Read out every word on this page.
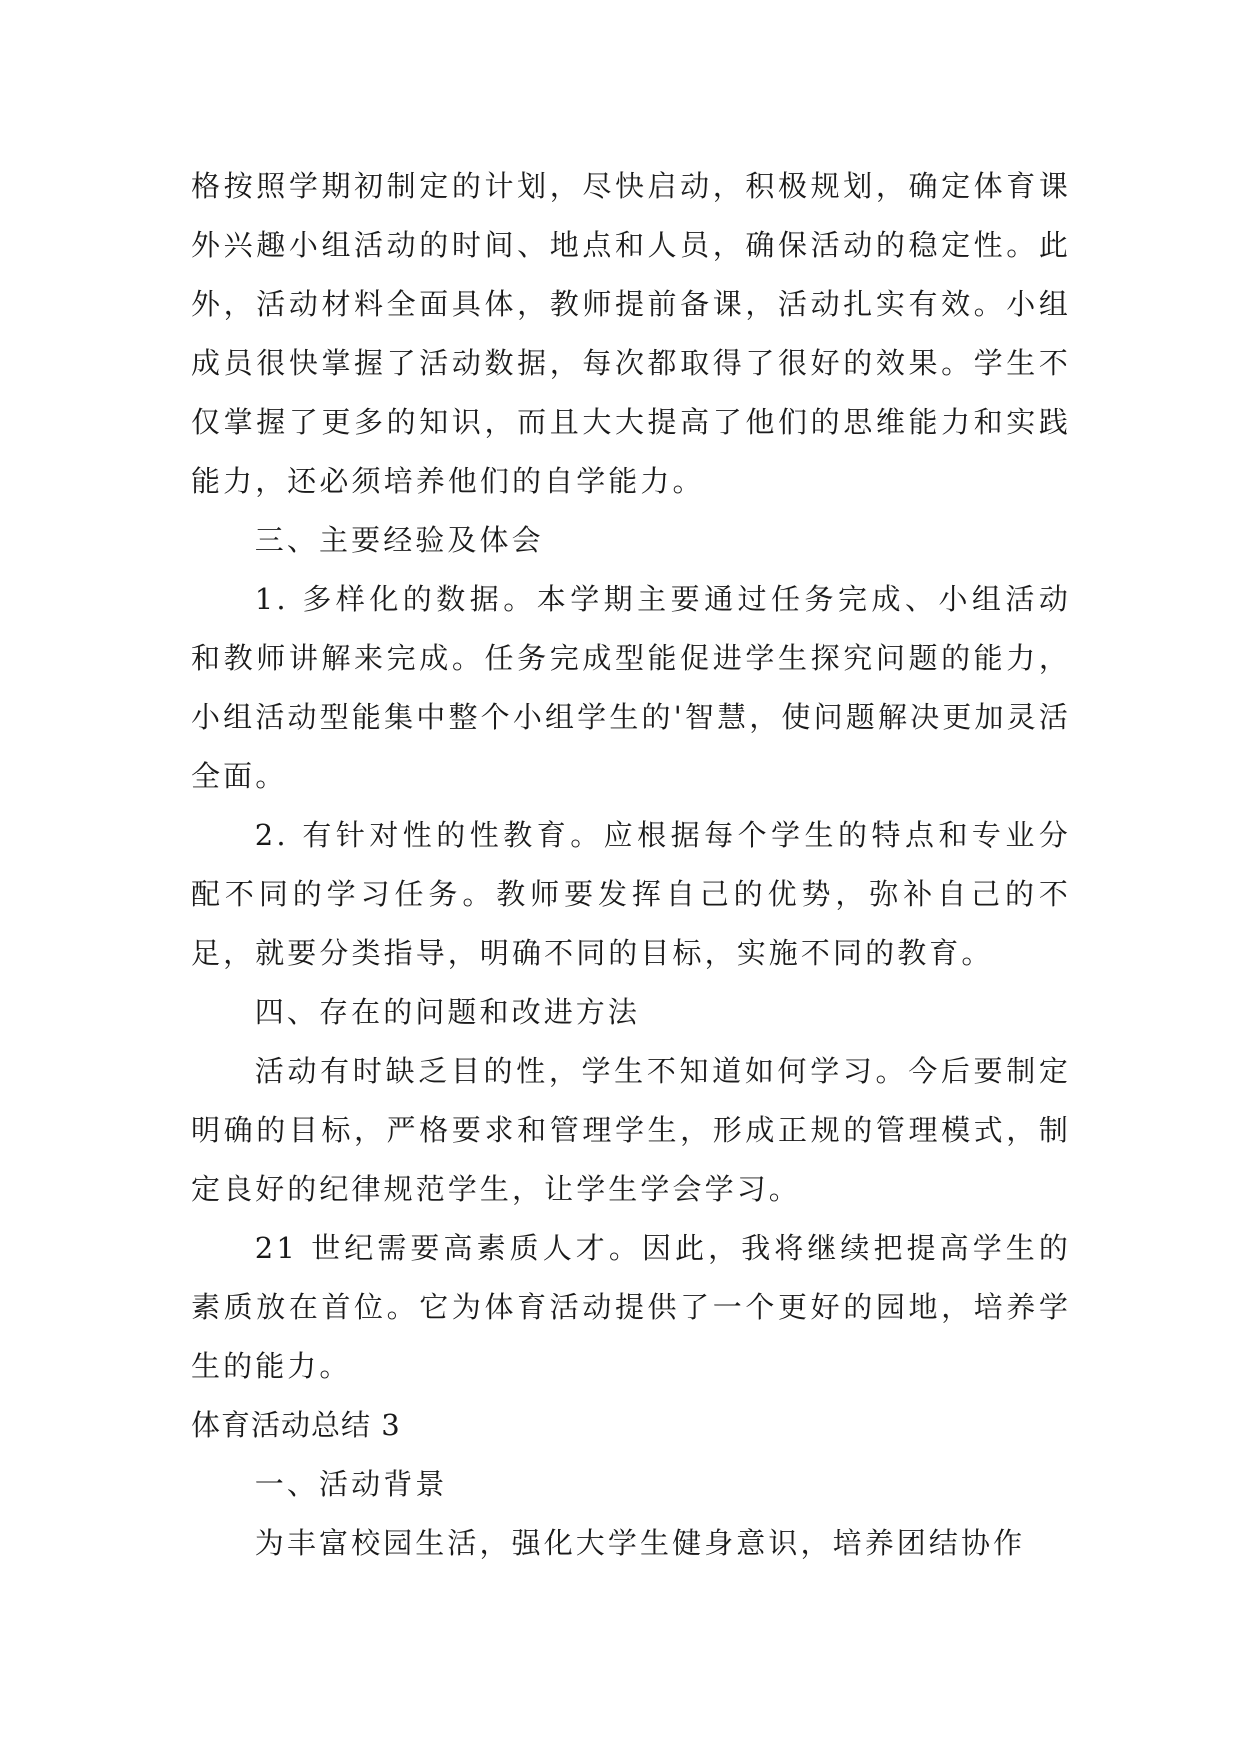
格按照学期初制定的计划，尽快启动，积极规划，确定体育课外兴趣小组活动的时间、地点和人员，确保活动的稳定性。此外，活动材料全面具体，教师提前备课，活动扎实有效。小组成员很快掌握了活动数据，每次都取得了很好的效果。学生不仅掌握了更多的知识，而且大大提高了他们的思维能力和实践能力，还必须培养他们的自学能力。

三、主要经验及体会

1. 多样化的数据。本学期主要通过任务完成、小组活动和教师讲解来完成。任务完成型能促进学生探究问题的能力，小组活动型能集中整个小组学生的'智慧，使问题解决更加灵活全面。

2. 有针对性的性教育。应根据每个学生的特点和专业分配不同的学习任务。教师要发挥自己的优势，弥补自己的不足，就要分类指导，明确不同的目标，实施不同的教育。

四、存在的问题和改进方法

活动有时缺乏目的性，学生不知道如何学习。今后要制定明确的目标，严格要求和管理学生，形成正规的管理模式，制定良好的纪律规范学生，让学生学会学习。

21 世纪需要高素质人才。因此，我将继续把提高学生的素质放在首位。它为体育活动提供了一个更好的园地，培养学生的能力。

体育活动总结 3

一、活动背景

为丰富校园生活，强化大学生健身意识，培养团结协作
